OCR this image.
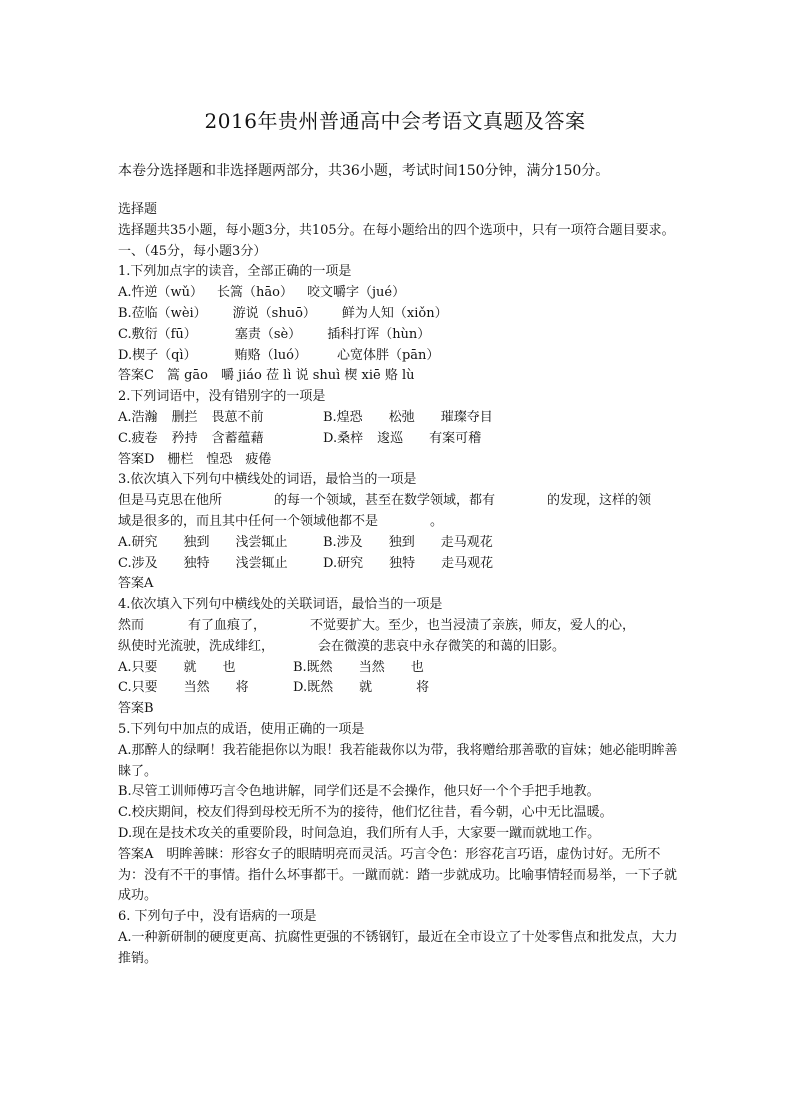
2016年贵州普通高中会考语文真题及答案
本卷分选择题和非选择题两部分，共36小题，考试时间150分钟，满分150分。
选择题
选择题共35小题，每小题3分，共105分。在每小题给出的四个选项中，只有一项符合题目要求。
一、（45分，每小题3分）
1.下列加点字的读音，全部正确的一项是
A.忤逆（wǔ） 长篙（hāo） 咬文嚼字（jué）
B.莅临（wèi） 游说（shuō） 鲜为人知（xiǒn）
C.敷衍（fū）	塞责（sè） 插科打诨（hùn）
D.楔子（qì）	贿赂（luó） 心宽体胖（pān）
答案C　篙 gāo　嚼 jiáo 莅 lì 说 shuì 楔 xiē 赂 lù
2.下列词语中，没有错别字的一项是
A.浩瀚 删拦 畏葸不前	B.煌恐 松弛 璀璨夺目
C.疲卷 矜持 含蓄蕴藉	D.桑梓 逡巡 有案可稽
答案D　栅栏　惶恐　疲倦
3.依次填入下列句中横线处的词语，最恰当的一项是
但是马克思在他所	的每一个领域，甚至在数学领域，都有	的发现，这样的领
域是很多的，而且其中任何一个领域他都不是	。
A.研究 独到 浅尝辄止	B.涉及 独到 走马观花
C.涉及 独特 浅尝辄止	D.研究 独特 走马观花
答案A
4.依次填入下列句中横线处的关联词语，最恰当的一项是
然而	有了血痕了，	不觉要扩大。至少，也当浸渍了亲族，师友，爱人的心，
纵使时光流驶，洗成绯红，	会在微漠的悲哀中永存微笑的和蔼的旧影。
A.只要 就 也	B.既然 当然 也
C.只要 当然 将	D.既然 就	将
答案B
5.下列句中加点的成语，使用正确的一项是
A.那醉人的绿啊！我若能挹你以为眼！我若能裁你以为带，我将赠给那善歌的盲妹；她必能明眸善睐了。
B.尽管工训师傅巧言令色地讲解，同学们还是不会操作，他只好一个个手把手地教。
C.校庆期间，校友们得到母校无所不为的接待，他们忆往昔，看今朝，心中无比温暖。
D.现在是技术攻关的重要阶段，时间急迫，我们所有人手，大家要一蹴而就地工作。
答案A　明眸善睐：形容女子的眼睛明亮而灵活。巧言令色：形容花言巧语，虚伪讨好。无所不为：没有不干的事情。指什么坏事都干。一蹴而就：踏一步就成功。比喻事情轻而易举，一下子就成功。
6. 下列句子中，没有语病的一项是
A.一种新研制的硬度更高、抗腐性更强的不锈钢钉，最近在全市设立了十处零售点和批发点，大力推销。
